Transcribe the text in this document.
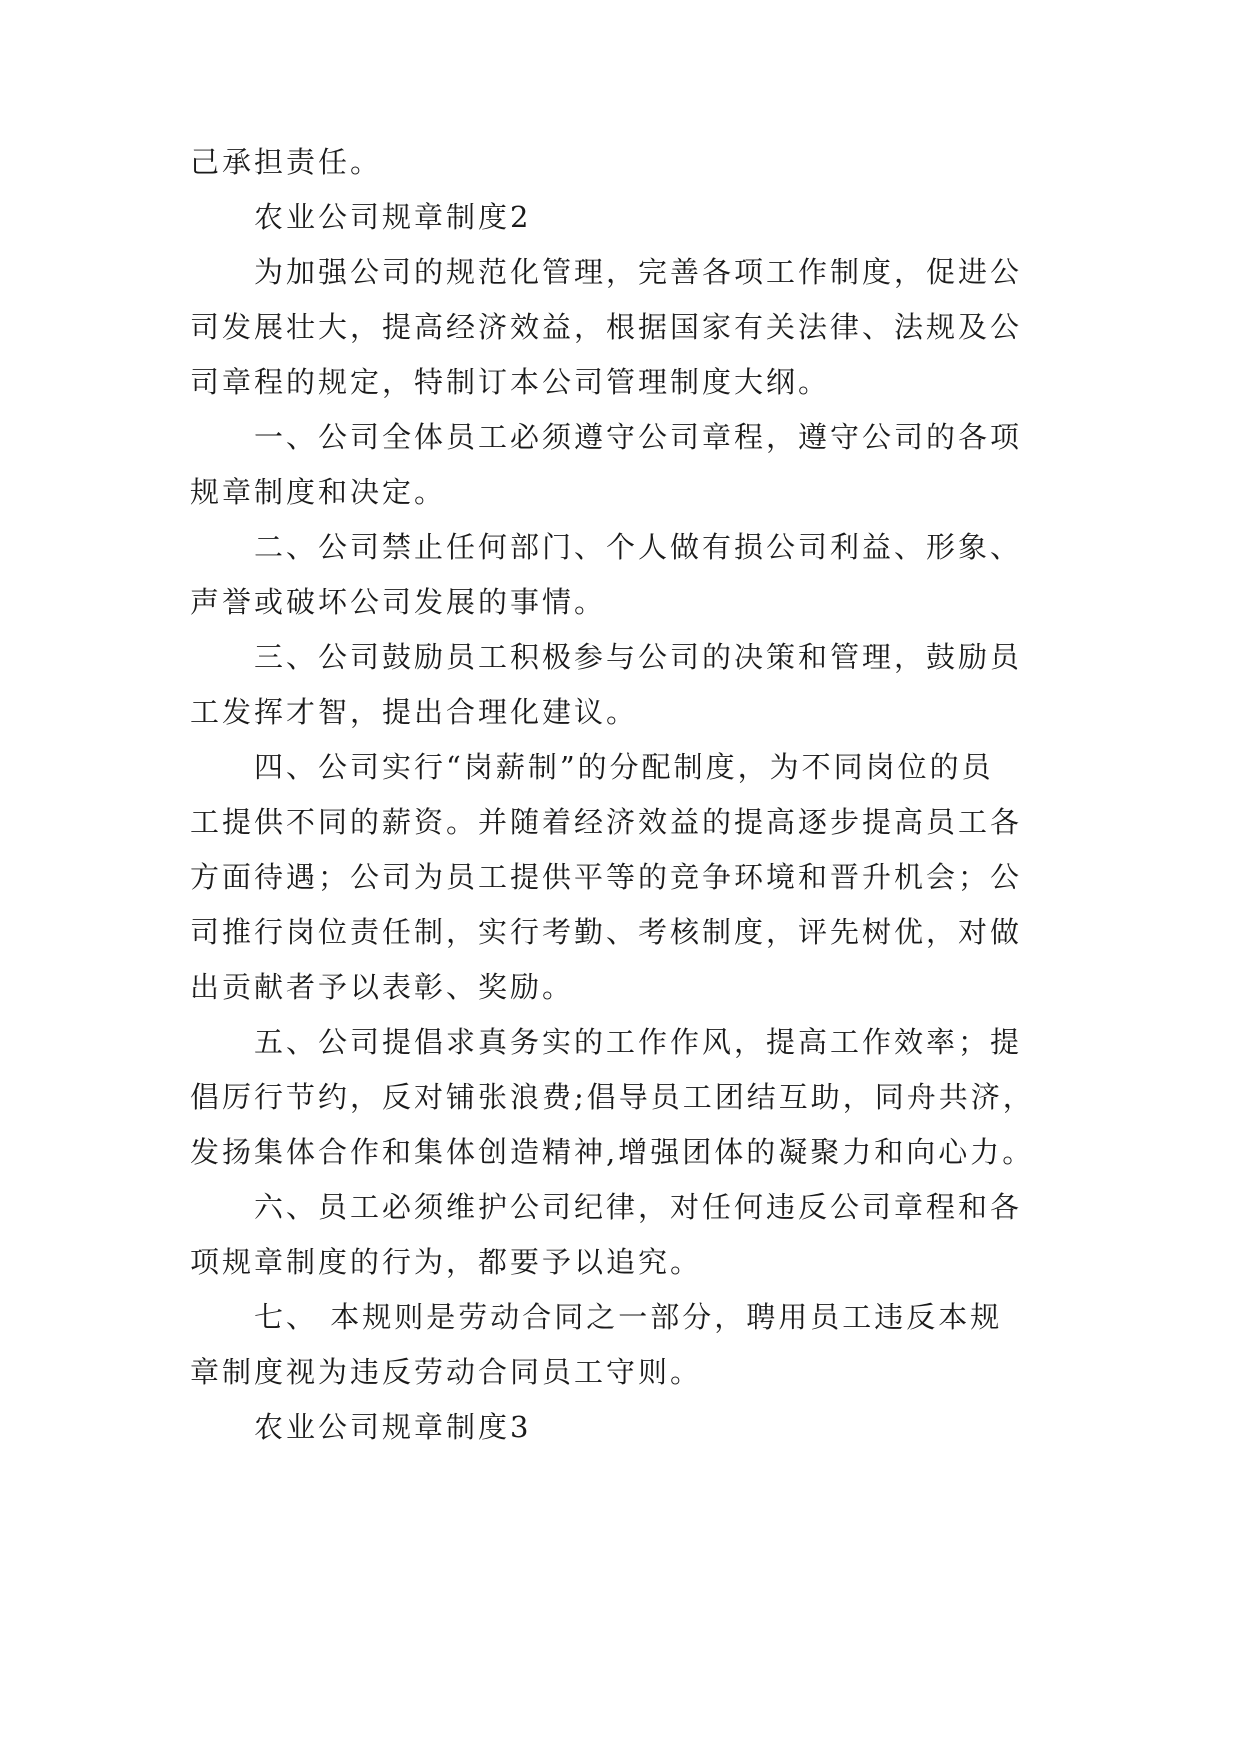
己承担责任。
农业公司规章制度2
为加强公司的规范化管理，完善各项工作制度，促进公
司发展壮大，提高经济效益，根据国家有关法律、法规及公
司章程的规定，特制订本公司管理制度大纲。
一、公司全体员工必须遵守公司章程，遵守公司的各项
规章制度和决定。
二、公司禁止任何部门、个人做有损公司利益、形象、
声誉或破坏公司发展的事情。
三、公司鼓励员工积极参与公司的决策和管理，鼓励员
工发挥才智，提出合理化建议。
四、公司实行“岗薪制”的分配制度，为不同岗位的员
工提供不同的薪资。并随着经济效益的提高逐步提高员工各
方面待遇；公司为员工提供平等的竞争环境和晋升机会；公
司推行岗位责任制，实行考勤、考核制度，评先树优，对做
出贡献者予以表彰、奖励。
五、公司提倡求真务实的工作作风，提高工作效率；提
倡厉行节约，反对铺张浪费;倡导员工团结互助，同舟共济，
发扬集体合作和集体创造精神,增强团体的凝聚力和向心力。
六、员工必须维护公司纪律，对任何违反公司章程和各
项规章制度的行为，都要予以追究。
七、 本规则是劳动合同之一部分，聘用员工违反本规
章制度视为违反劳动合同员工守则。
农业公司规章制度3
